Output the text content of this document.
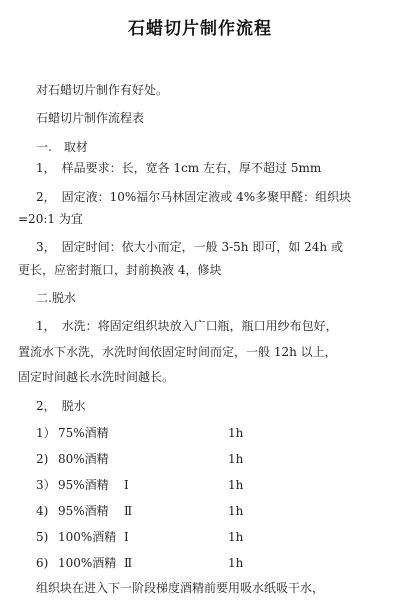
石蜡切片制作流程
对石蜡切片制作有好处。
石蜡切片制作流程表
一.　取材
1，　样品要求：长，宽各 1cm 左右，厚不超过 5mm
2，　固定液：10%福尔马林固定液或 4%多聚甲醛：组织块
=20:1 为宜
3，　固定时间：依大小而定，一般 3-5h 即可，如 24h 或
更长，应密封瓶口，封前换液 4，修块
二.脱水
1，　水洗：将固定组织块放入广口瓶，瓶口用纱布包好，
置流水下水洗，水洗时间依固定时间而定，一般 12h 以上，
固定时间越长水洗时间越长。
2，　脱水
1） 75%酒精	1h
2) 80%酒精	1h
3） 95%酒精 Ⅰ	1h
4) 95%酒精 Ⅱ	1h
5) 100%酒精 Ⅰ	1h
6) 100%酒精 Ⅱ	1h
组织块在进入下一阶段梯度酒精前要用吸水纸吸干水，
